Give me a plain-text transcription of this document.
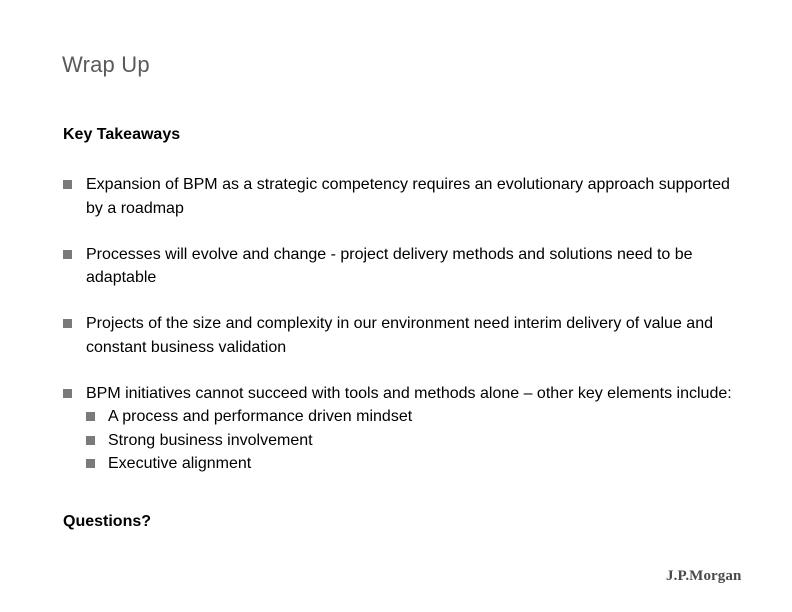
Wrap Up
Key Takeaways
Expansion of BPM as a strategic competency requires an evolutionary approach supported by a roadmap
Processes will evolve and change - project delivery methods and solutions need to be adaptable
Projects of the size and complexity in our environment need interim delivery of value and constant business validation
BPM initiatives cannot succeed with tools and methods alone – other key elements include:
A process and performance driven mindset
Strong business involvement
Executive alignment

Questions?

J.P.Morgan
